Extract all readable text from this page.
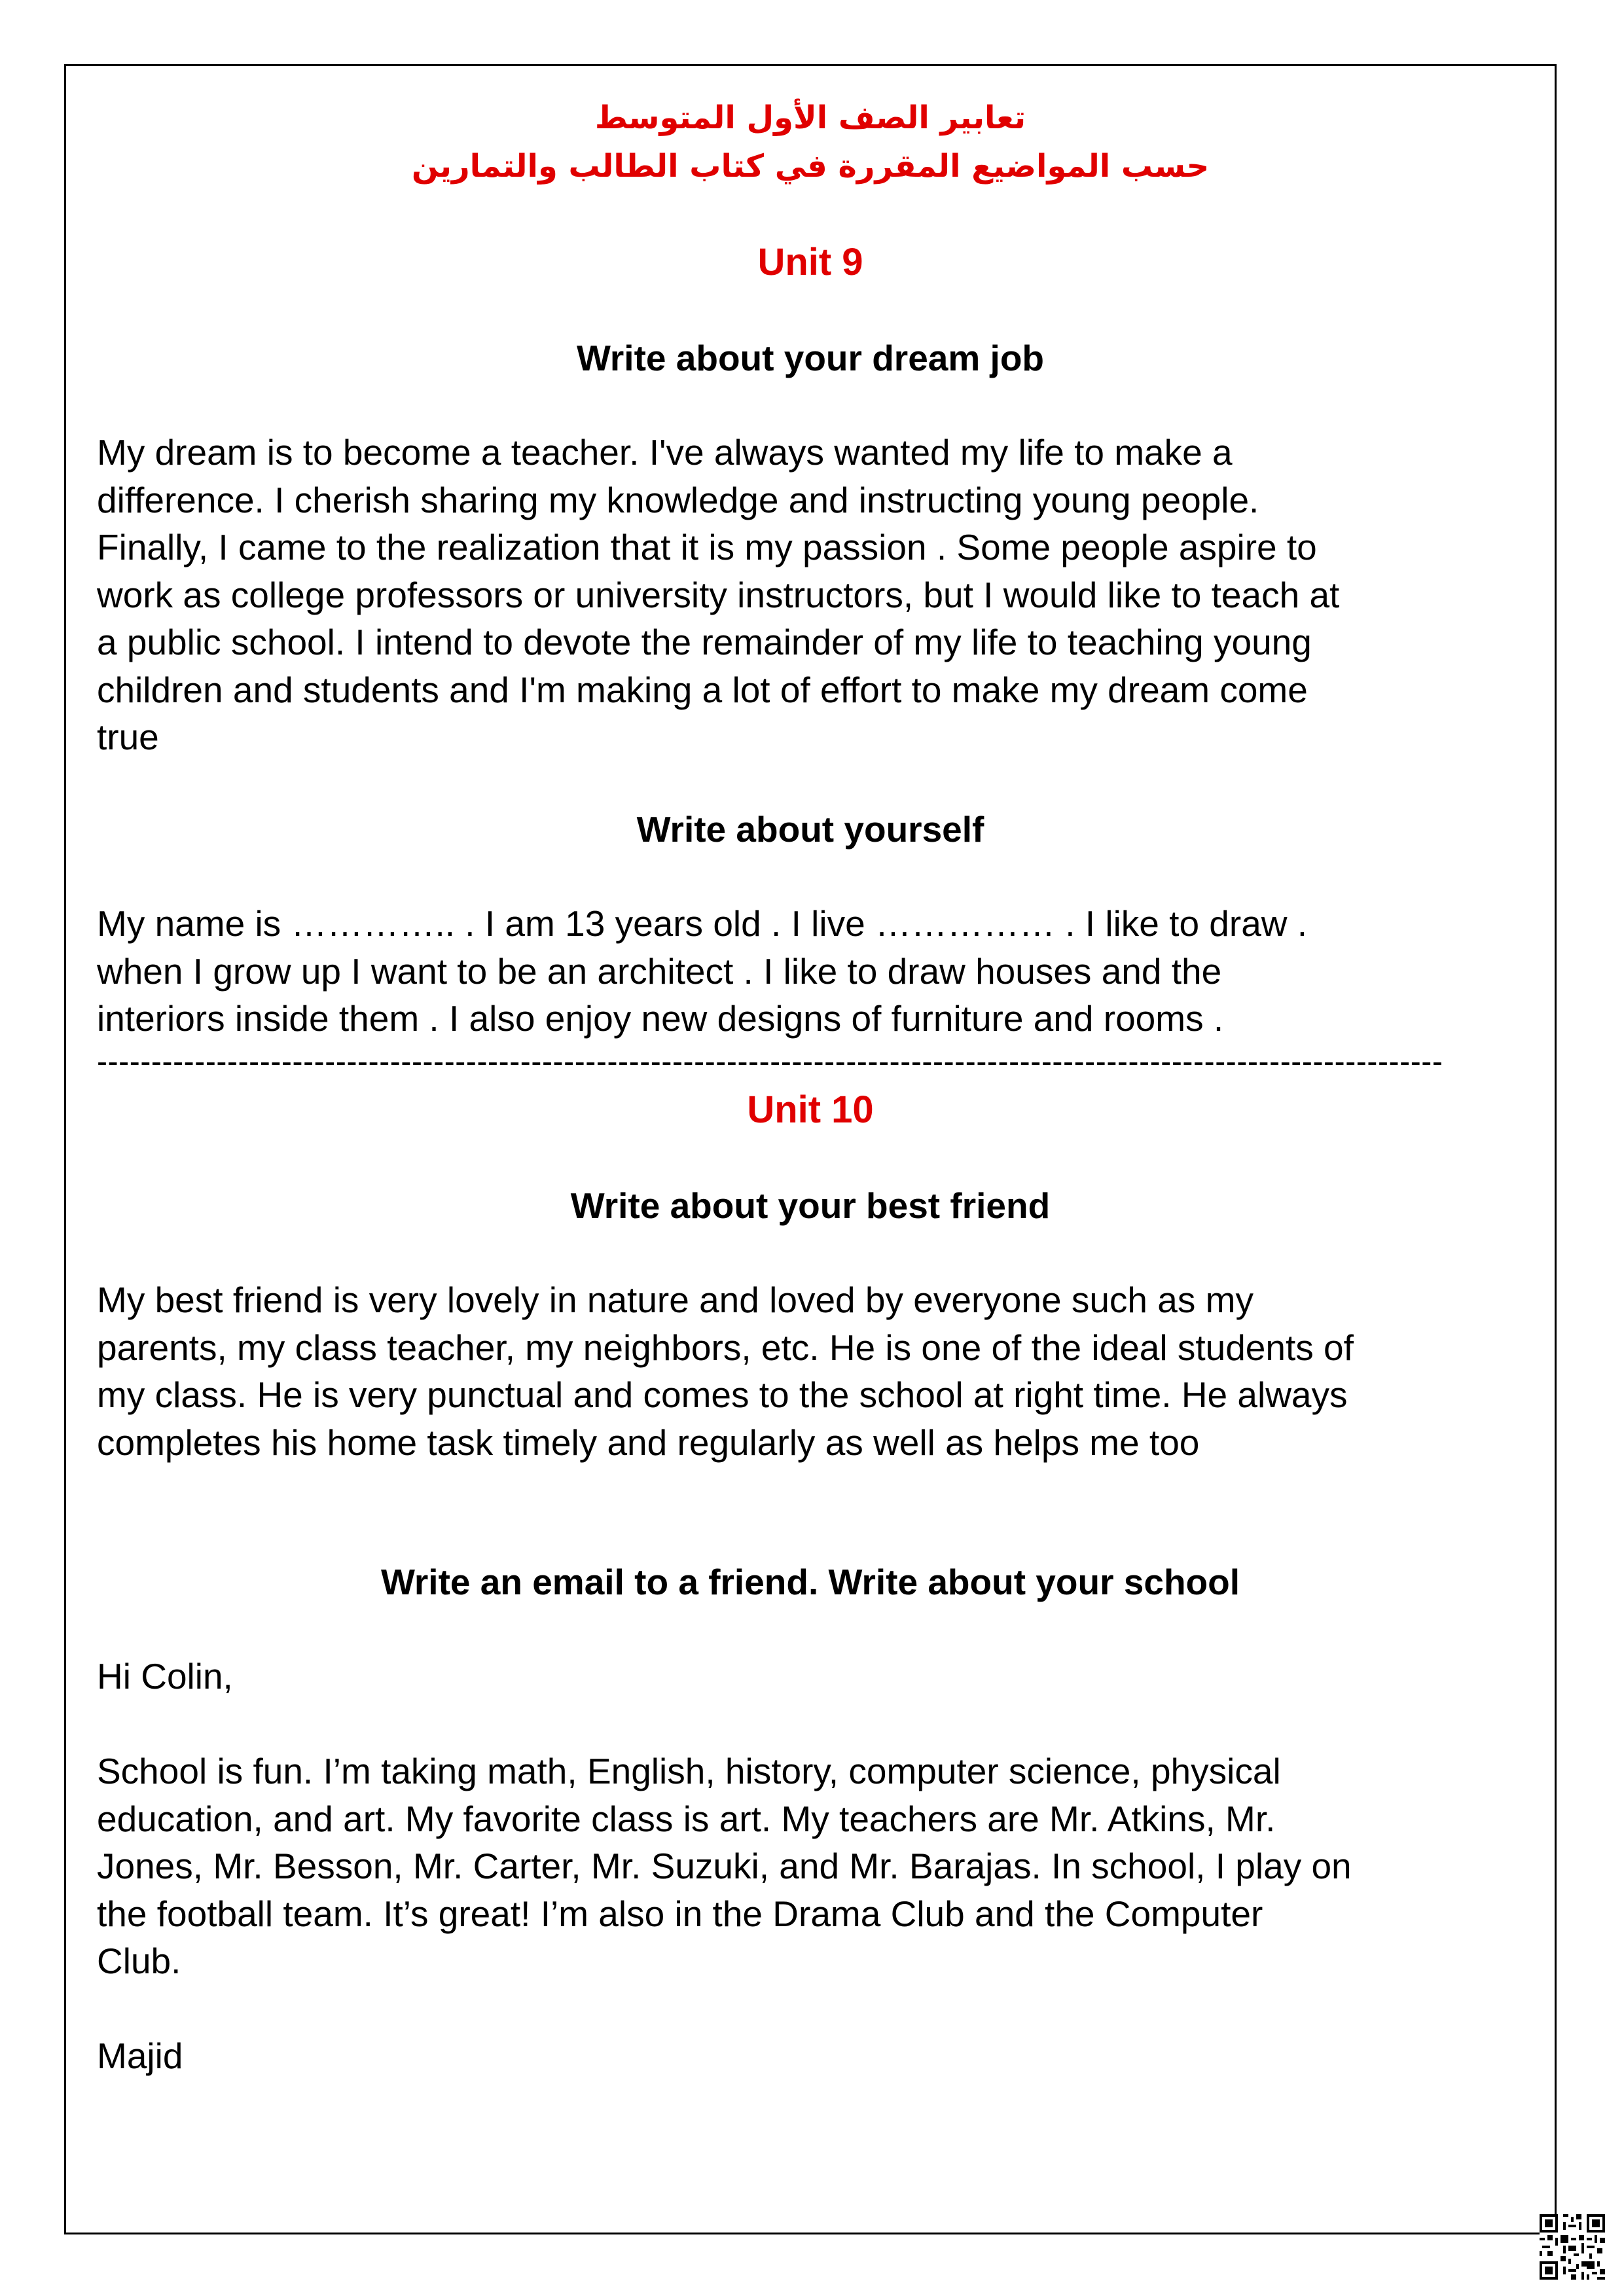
تعابير الصف الأول المتوسط
حسب المواضيع المقررة في كتاب الطالب والتمارين
Unit 9
Write about your dream job
My dream is to become a teacher. I've always wanted my life to make a
difference. I cherish sharing my knowledge and instructing young people.
Finally, I came to the realization that it is my passion . Some people aspire to
work as college professors or university instructors, but I would like to teach at
a public school. I intend to devote the remainder of my life to teaching young
children and students and I'm making a lot of effort to make my dream come
true
Write about yourself
My name is ………….. . I am 13 years old . I live …………… . I like to draw .
when I grow up I want to be an architect . I like to draw houses and the
interiors inside them . I also enjoy new designs of furniture and rooms .
----------------------------------------------------------------------------------------------------------------------------
Unit 10
Write about your best friend
My best friend is very lovely in nature and loved by everyone such as my
parents, my class teacher, my neighbors, etc. He is one of the ideal students of
my class. He is very punctual and comes to the school at right time. He always
completes his home task timely and regularly as well as helps me too
Write an email to a friend. Write about your school
Hi Colin,
School is fun. I’m taking math, English, history, computer science, physical
education, and art. My favorite class is art. My teachers are Mr. Atkins, Mr.
Jones, Mr. Besson, Mr. Carter, Mr. Suzuki, and Mr. Barajas. In school, I play on
the football team. It’s great! I’m also in the Drama Club and the Computer
Club.
Majid
